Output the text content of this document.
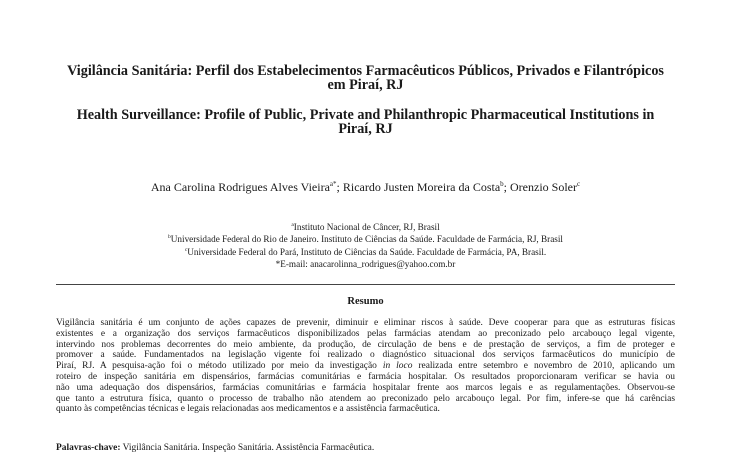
Vigilância Sanitária: Perfil dos Estabelecimentos Farmacêuticos Públicos, Privados e Filantrópicos em Piraí, RJ
Health Surveillance: Profile of Public, Private and Philanthropic Pharmaceutical Institutions in Piraí, RJ
Ana Carolina Rodrigues Alves Vieira$^{a*}$; Ricardo Justen Moreira da Costa$^b$; Orenzio Soler$^c$
$^a$Instituto Nacional de Câncer, RJ, Brasil
$^b$Universidade Federal do Rio de Janeiro. Instituto de Ciências da Saúde. Faculdade de Farmácia, RJ, Brasil
$^c$Universidade Federal do Pará, Instituto de Ciências da Saúde. Faculdade de Farmácia, PA, Brasil.
*E-mail: anacarolinna_rodrigues@yahoo.com.br
Resumo
Vigilância sanitária é um conjunto de ações capazes de prevenir, diminuir e eliminar riscos à saúde. Deve cooperar para que as estruturas físicas
existentes e a organização dos serviços farmacêuticos disponibilizados pelas farmácias atendam ao preconizado pelo arcabouço legal vigente,
intervindo nos problemas decorrentes do meio ambiente, da produção, de circulação de bens e de prestação de serviços, a fim de proteger e
promover a saúde. Fundamentados na legislação vigente foi realizado o diagnóstico situacional dos serviços farmacêuticos do município de
Piraí, RJ. A pesquisa-ação foi o método utilizado por meio da investigação in loco realizada entre setembro e novembro de 2010, aplicando um
roteiro de inspeção sanitária em dispensários, farmácias comunitárias e farmácia hospitalar. Os resultados proporcionaram verificar se havia ou
não uma adequação dos dispensários, farmácias comunitárias e farmácia hospitalar frente aos marcos legais e as regulamentações. Observou-se
que tanto a estrutura física, quanto o processo de trabalho não atendem ao preconizado pelo arcabouço legal. Por fim, infere-se que há carências
quanto às competências técnicas e legais relacionadas aos medicamentos e a assistência farmacêutica.
Palavras-chave: Vigilância Sanitária. Inspeção Sanitária. Assistência Farmacêutica.
